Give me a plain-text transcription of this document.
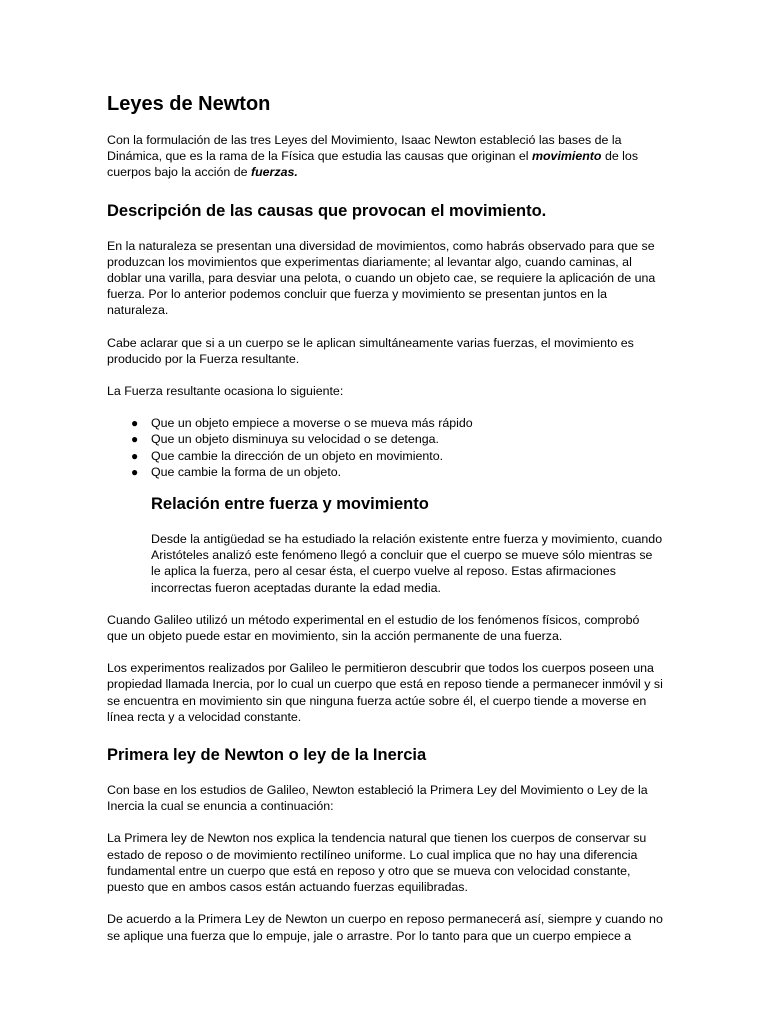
Leyes de Newton

Con la formulación de las tres Leyes del Movimiento, Isaac Newton estableció las bases de la Dinámica, que es la rama de la Física que estudia las causas que originan el movimiento de los cuerpos bajo la acción de fuerzas.

Descripción de las causas que provocan el movimiento.

En la naturaleza se presentan una diversidad de movimientos, como habrás observado para que se produzcan los movimientos que experimentas diariamente; al levantar algo, cuando caminas, al doblar una varilla, para desviar una pelota, o cuando un objeto cae, se requiere la aplicación de una fuerza. Por lo anterior podemos concluir que fuerza y movimiento se presentan juntos en la naturaleza.

Cabe aclarar que si a un cuerpo se le aplican simultáneamente varias fuerzas, el movimiento es producido por la Fuerza resultante.

La Fuerza resultante ocasiona lo siguiente:

● Que un objeto empiece a moverse o se mueva más rápido
● Que un objeto disminuya su velocidad o se detenga.
● Que cambie la dirección de un objeto en movimiento.
● Que cambie la forma de un objeto.
Relación entre fuerza y movimiento

Desde la antigüedad se ha estudiado la relación existente entre fuerza y movimiento, cuando Aristóteles analizó este fenómeno llegó a concluir que el cuerpo se mueve sólo mientras se le aplica la fuerza, pero al cesar ésta, el cuerpo vuelve al reposo. Estas afirmaciones incorrectas fueron aceptadas durante la edad media.

Cuando Galileo utilizó un método experimental en el estudio de los fenómenos físicos, comprobó que un objeto puede estar en movimiento, sin la acción permanente de una fuerza.

Los experimentos realizados por Galileo le permitieron descubrir que todos los cuerpos poseen una propiedad llamada Inercia, por lo cual un cuerpo que está en reposo tiende a permanecer inmóvil y si se encuentra en movimiento sin que ninguna fuerza actúe sobre él, el cuerpo tiende a moverse en línea recta y a velocidad constante.

Primera ley de Newton o ley de la Inercia

Con base en los estudios de Galileo, Newton estableció la Primera Ley del Movimiento o Ley de la Inercia la cual se enuncia a continuación:

La Primera ley de Newton nos explica la tendencia natural que tienen los cuerpos de conservar su estado de reposo o de movimiento rectilíneo uniforme. Lo cual implica que no hay una diferencia fundamental entre un cuerpo que está en reposo y otro que se mueva con velocidad constante, puesto que en ambos casos están actuando fuerzas equilibradas.

De acuerdo a la Primera Ley de Newton un cuerpo en reposo permanecerá así, siempre y cuando no se aplique una fuerza que lo empuje, jale o arrastre. Por lo tanto para que un cuerpo empiece a
